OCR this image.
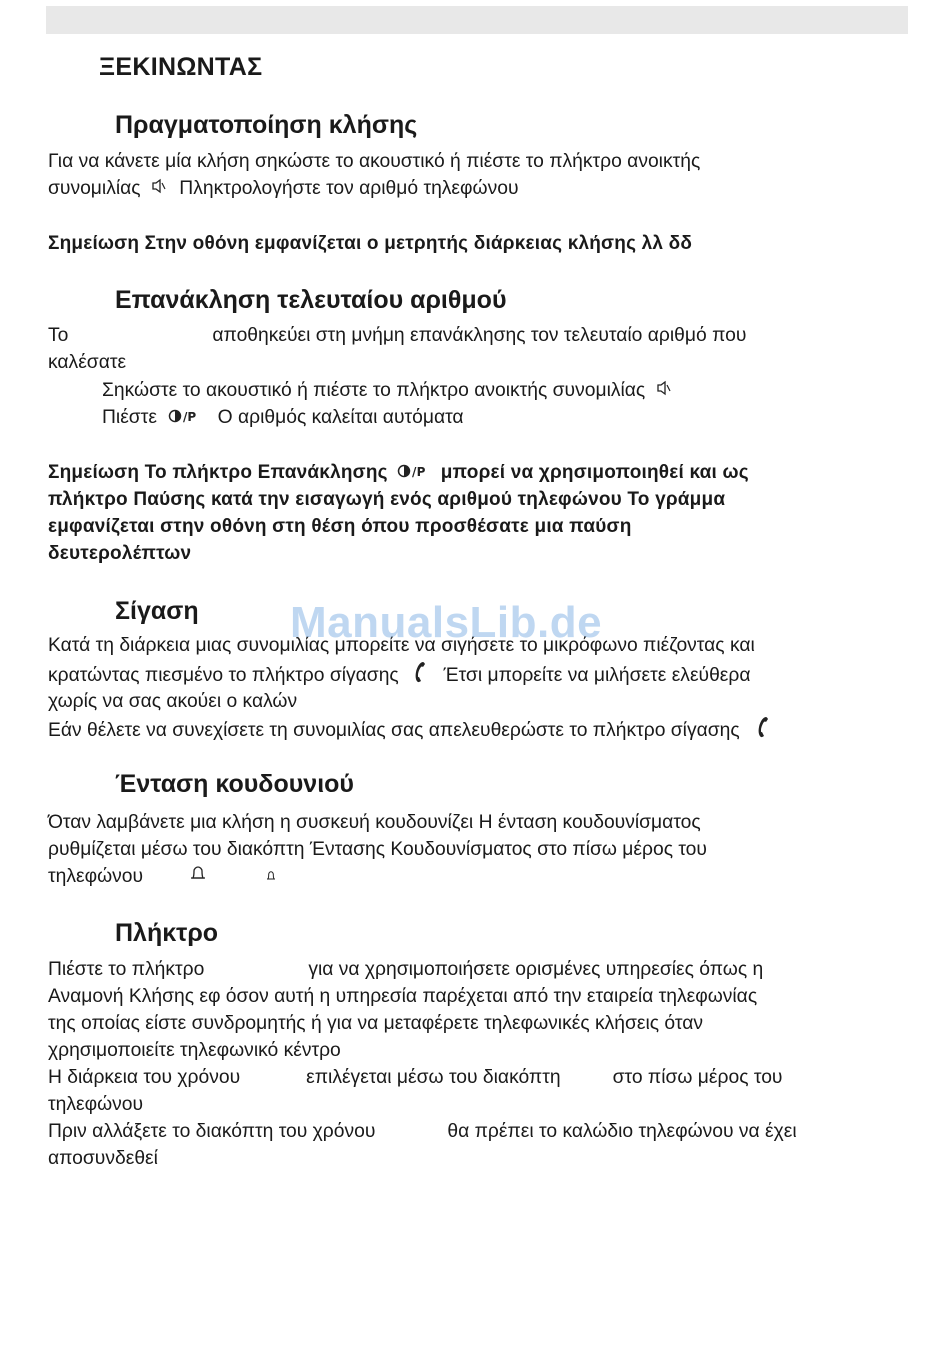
ΞΕΚΙΝΩΝΤΑΣ
Πραγματοποίηση κλήσης
Για να κάνετε μία κλήση σηκώστε το ακουστικό ή πιέστε το πλήκτρο ανοικτής
συνομιλίας Πληκτρολογήστε τον αριθμό τηλεφώνου
Σημείωση Στην οθόνη εμφανίζεται ο μετρητής διάρκειας κλήσης λλ δδ
Επανάκληση τελευταίου αριθμού
Το	αποθηκεύει στη μνήμη επανάκλησης τον τελευταίο αριθμό που
καλέσατε
Σηκώστε το ακουστικό ή πιέστε το πλήκτρο ανοικτής συνομιλίας
Πιέστε /P Ο αριθμός καλείται αυτόματα
Σημείωση Το πλήκτρο Επανάκλησης /P μπορεί να χρησιμοποιηθεί και ως
πλήκτρο Παύσης κατά την εισαγωγή ενός αριθμού τηλεφώνου Το γράμμα
εμφανίζεται στην οθόνη στη θέση όπου προσθέσατε μια παύση
δευτερολέπτων
Σίγαση
Κατά τη διάρκεια μιας συνομιλίας μπορείτε να σιγήσετε το μικρόφωνο πιέζοντας και
κρατώντας πιεσμένο το πλήκτρο σίγασης Έτσι μπορείτε να μιλήσετε ελεύθερα
χωρίς να σας ακούει ο καλών
Εάν θέλετε να συνεχίσετε τη συνομιλίας σας απελευθερώστε το πλήκτρο σίγασης
Ένταση κουδουνιού
Όταν λαμβάνετε μια κλήση η συσκευή κουδουνίζει Η ένταση κουδουνίσματος
ρυθμίζεται μέσω του διακόπτη Έντασης Κουδουνίσματος στο πίσω μέρος του
τηλεφώνου
Πλήκτρο
Πιέστε το πλήκτρο	για να χρησιμοποιήσετε ορισμένες υπηρεσίες όπως η
Αναμονή Κλήσης εφ όσον αυτή η υπηρεσία παρέχεται από την εταιρεία τηλεφωνίας
της οποίας είστε συνδρομητής ή για να μεταφέρετε τηλεφωνικές κλήσεις όταν
χρησιμοποιείτε τηλεφωνικό κέντρο
Η διάρκεια του χρόνου	επιλέγεται μέσω του διακόπτη	στο πίσω μέρος του
τηλεφώνου
Πριν αλλάξετε το διακόπτη του χρόνου	θα πρέπει το καλώδιο τηλεφώνου να έχει
αποσυνδεθεί
ManualsLib.de
